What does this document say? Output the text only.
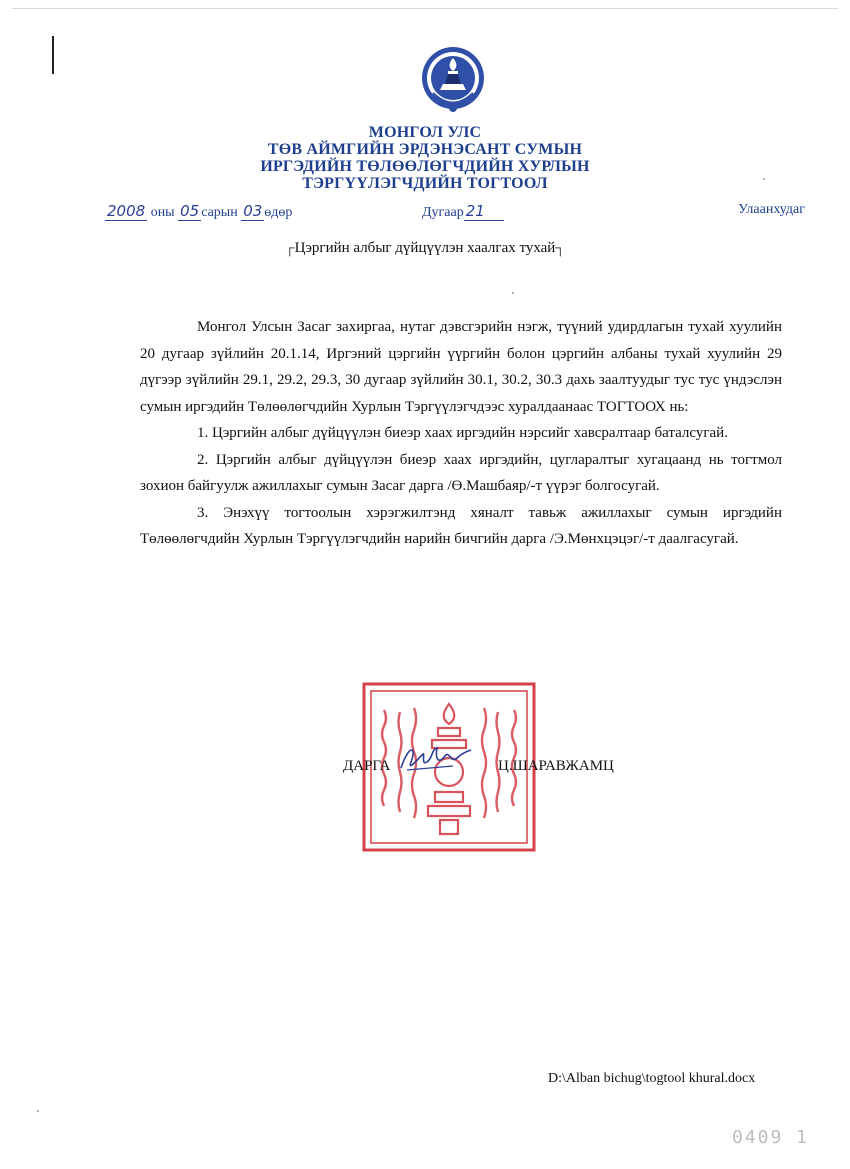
МОНГОЛ УЛС
ТӨВ АЙМГИЙН ЭРДЭНЭСАНТ СУМЫН
ИРГЭДИЙН ТӨЛӨӨЛӨГЧДИЙН ХУРЛЫН
ТЭРГҮҮЛЭГЧДИЙН ТОГТООЛ
2008 оны 05 сарын 03 өдөр	Дугаар 21	Улаанхудаг
┌Цэргийн албыг дүйцүүлэн хаалгах тухай┐

Монгол Улсын Засаг захиргаа, нутаг дэвсгэрийн нэгж, түүний удирдлагын тухай хуулийн 20 дугаар зүйлийн 20.1.14, Иргэний цэргийн үүргийн болон цэргийн албаны тухай хуулийн 29 дүгээр зүйлийн 29.1, 29.2, 29.3, 30 дугаар зүйлийн 30.1, 30.2, 30.3 дахь заалтуудыг тус тус үндэслэн сумын иргэдийн Төлөөлөгчдийн Хурлын Тэргүүлэгчдээс хуралдаанаас ТОГТООХ нь:

1. Цэргийн албыг дүйцүүлэн биеэр хаах иргэдийн нэрсийг хавсралтаар баталсугай.

2. Цэргийн албыг дүйцүүлэн биеэр хаах иргэдийн, цугларалтыг хугацаанд нь тогтмол зохион байгуулж ажиллахыг сумын Засаг дарга /Ө.Машбаяр/-т үүрэг болгосугай.

3. Энэхүү тогтоолын хэрэгжилтэнд хяналт тавьж ажиллахыг сумын иргэдийн Төлөөлөгчдийн Хурлын Тэргүүлэгчдийн нарийн бичгийн дарга /Э.Мөнхцэцэг/-т даалгасугай.

ДАРГА	Ц.ШАРАВЖАМЦ
D:\Alban bichug\togtool khural.docx
0409 1
